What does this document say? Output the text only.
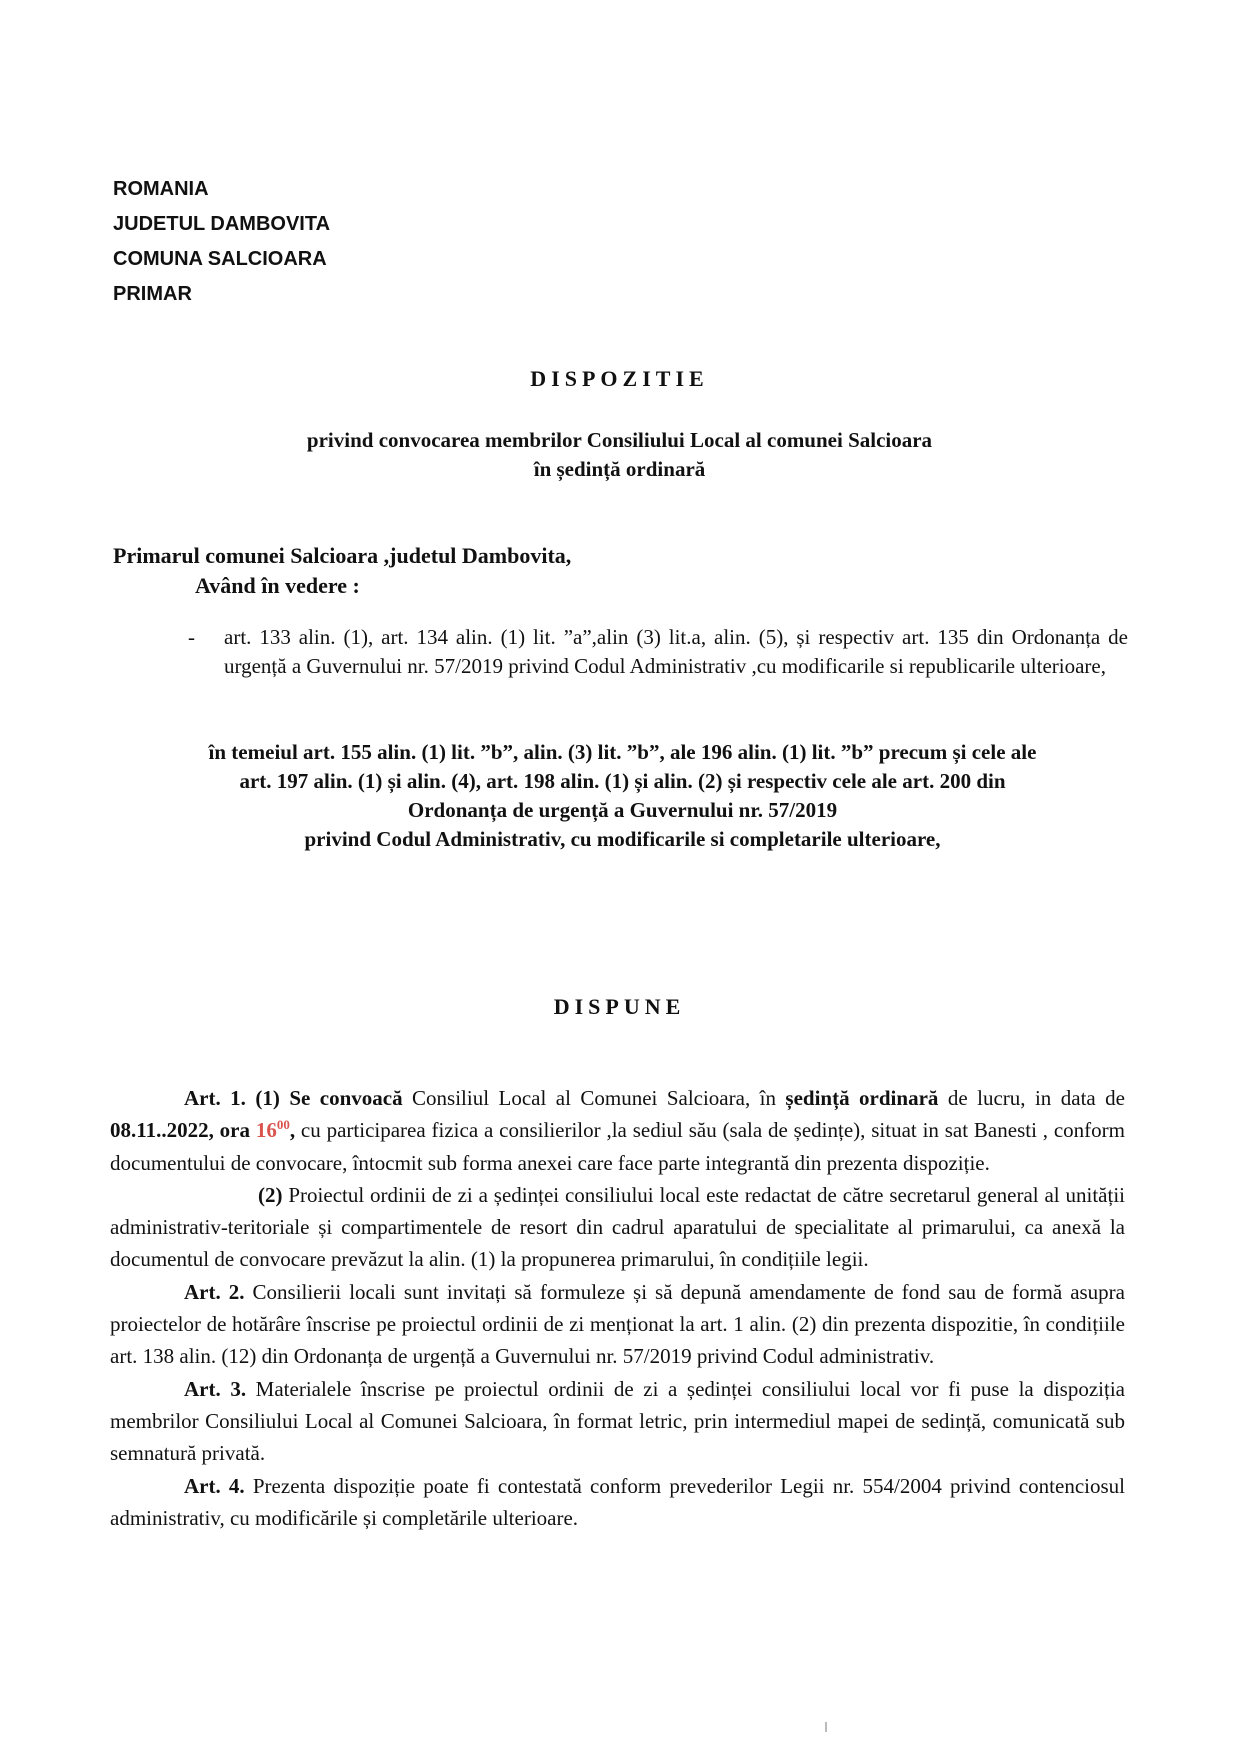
ROMANIA
JUDETUL DAMBOVITA
COMUNA SALCIOARA
PRIMAR
DISPOZITIE
privind convocarea membrilor Consiliului Local al comunei Salcioara
în ședință ordinară
Primarul comunei Salcioara ,judetul Dambovita,
Având în vedere :
- art. 133 alin. (1), art. 134 alin. (1) lit. ”a”,alin (3) lit.a, alin. (5), și respectiv art. 135 din Ordonanța de urgență a Guvernului nr. 57/2019 privind Codul Administrativ ,cu modificarile si republicarile ulterioare,
în temeiul art. 155 alin. (1) lit. ”b”, alin. (3) lit. ”b”, ale 196 alin. (1) lit. ”b” precum și cele ale
art. 197 alin. (1) și alin. (4), art. 198 alin. (1) și alin. (2) și respectiv cele ale art. 200 din
Ordonanța de urgență a Guvernului nr. 57/2019
privind Codul Administrativ, cu modificarile si completarile ulterioare,
DISPUNE

Art. 1. (1) Se convoacă Consiliul Local al Comunei Salcioara, în ședință ordinară de lucru, in data de 08.11..2022, ora $16^{00}$, cu participarea fizica a consilierilor ,la sediul său (sala de ședințe), situat in sat Banesti , conform documentului de convocare, întocmit sub forma anexei care face parte integrantă din prezenta dispoziție.

(2) Proiectul ordinii de zi a ședinței consiliului local este redactat de către secretarul general al unității administrativ-teritoriale și compartimentele de resort din cadrul aparatului de specialitate al primarului, ca anexă la documentul de convocare prevăzut la alin. (1) la propunerea primarului, în condițiile legii.

Art. 2. Consilierii locali sunt invitați să formuleze și să depună amendamente de fond sau de formă asupra proiectelor de hotărâre înscrise pe proiectul ordinii de zi menționat la art. 1 alin. (2) din prezenta dispozitie, în condițiile art. 138 alin. (12) din Ordonanța de urgență a Guvernului nr. 57/2019 privind Codul administrativ.

Art. 3. Materialele înscrise pe proiectul ordinii de zi a ședinței consiliului local vor fi puse la dispoziția membrilor Consiliului Local al Comunei Salcioara, în format letric, prin intermediul mapei de sedință, comunicată sub semnatură privată.

Art. 4. Prezenta dispoziție poate fi contestată conform prevederilor Legii nr. 554/2004 privind contenciosul administrativ, cu modificările și completările ulterioare.
